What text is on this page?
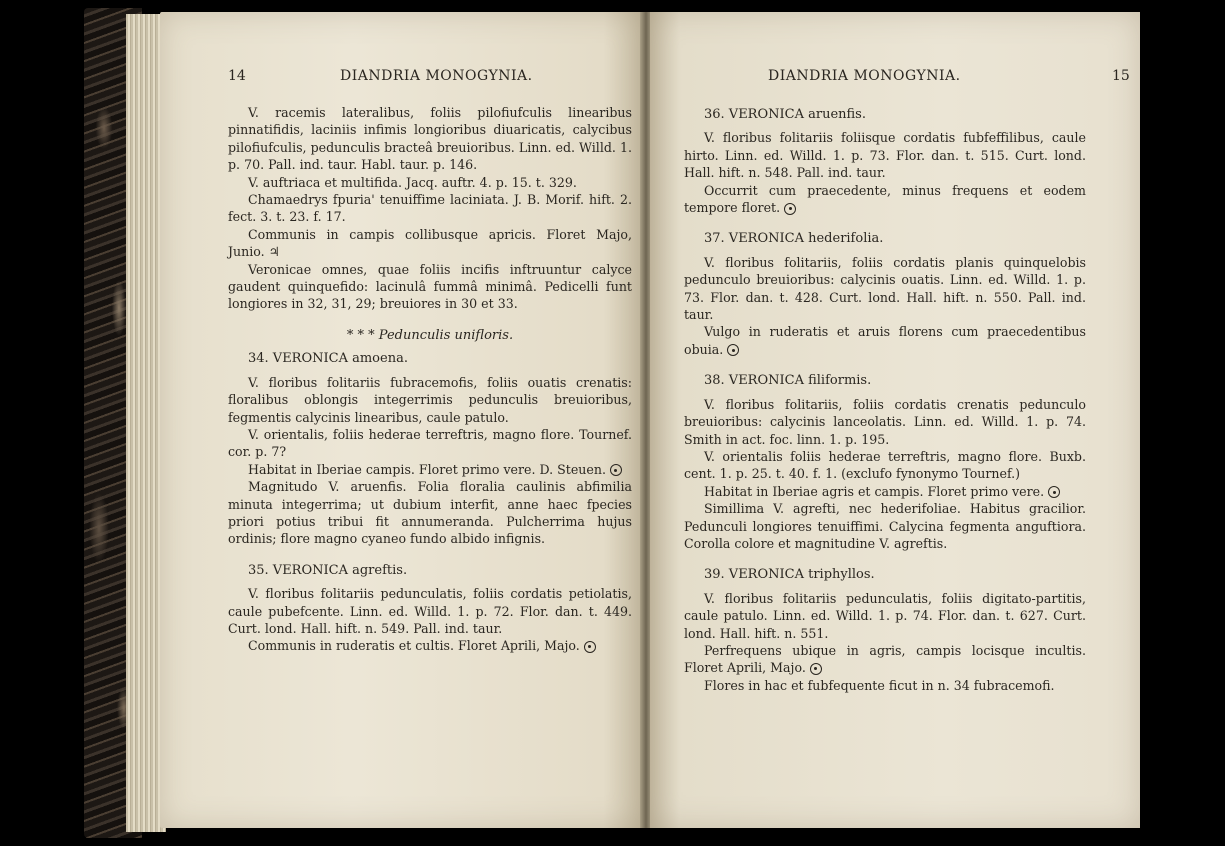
14	DIANDRIA MONOGYNIA.

V. racemis lateralibus, foliis pilofiufculis linearibus pinnatifidis, laciniis infimis longioribus diuaricatis, calycibus pilofiufculis, pedunculis bracteâ breuioribus. Linn. ed. Willd. 1. p. 70. Pall. ind. taur. Habl. taur. p. 146.

V. auftriaca et multifida. Jacq. auftr. 4. p. 15. t. 329.

Chamaedrys fpuria' tenuiffime laciniata. J. B. Morif. hift. 2. fect. 3. t. 23. f. 17.

Communis in campis collibusque apricis. Floret Majo, Junio. ♃

Veronicae omnes, quae foliis incifis inftruuntur calyce gaudent quinquefido: lacinulâ fummâ minimâ. Pedicelli funt longiores in 32, 31, 29; breuiores in 30 et 33.

* * * Pedunculis unifloris.

34. VERONICA amoena.

V. floribus folitariis fubracemofis, foliis ouatis crenatis: floralibus oblongis integerrimis pedunculis breuioribus, fegmentis calycinis linearibus, caule patulo.

V. orientalis, foliis hederae terreftris, magno flore. Tournef. cor. p. 7?

Habitat in Iberiae campis. Floret primo vere. D. Steuen.

Magnitudo V. aruenfis. Folia floralia caulinis abfimilia minuta integerrima; ut dubium interfit, anne haec fpecies priori potius tribui fit annumeranda. Pulcherrima hujus ordinis; flore magno cyaneo fundo albido infignis.

35. VERONICA agreftis.

V. floribus folitariis pedunculatis, foliis cordatis petiolatis, caule pubefcente. Linn. ed. Willd. 1. p. 72. Flor. dan. t. 449. Curt. lond. Hall. hift. n. 549. Pall. ind. taur.

Communis in ruderatis et cultis. Floret Aprili, Majo.

DIANDRIA MONOGYNIA.	15

36. VERONICA aruenfis.

V. floribus folitariis foliisque cordatis fubfeffilibus, caule hirto. Linn. ed. Willd. 1. p. 73. Flor. dan. t. 515. Curt. lond. Hall. hift. n. 548. Pall. ind. taur.

Occurrit cum praecedente, minus frequens et eodem tempore floret.

37. VERONICA hederifolia.

V. floribus folitariis, foliis cordatis planis quinquelobis pedunculo breuioribus: calycinis ouatis. Linn. ed. Willd. 1. p. 73. Flor. dan. t. 428. Curt. lond. Hall. hift. n. 550. Pall. ind. taur.

Vulgo in ruderatis et aruis florens cum praecedentibus obuia.

38. VERONICA filiformis.

V. floribus folitariis, foliis cordatis crenatis pedunculo breuioribus: calycinis lanceolatis. Linn. ed. Willd. 1. p. 74. Smith in act. foc. linn. 1. p. 195.

V. orientalis foliis hederae terreftris, magno flore. Buxb. cent. 1. p. 25. t. 40. f. 1. (exclufo fynonymo Tournef.)

Habitat in Iberiae agris et campis. Floret primo vere.

Simillima V. agrefti, nec hederifoliae. Habitus gracilior. Pedunculi longiores tenuiffimi. Calycina fegmenta anguftiora. Corolla colore et magnitudine V. agreftis.

39. VERONICA triphyllos.

V. floribus folitariis pedunculatis, foliis digitato-partitis, caule patulo. Linn. ed. Willd. 1. p. 74. Flor. dan. t. 627. Curt. lond. Hall. hift. n. 551.

Perfrequens ubique in agris, campis locisque incultis. Floret Aprili, Majo.

Flores in hac et fubfequente ficut in n. 34 fubracemofi.
